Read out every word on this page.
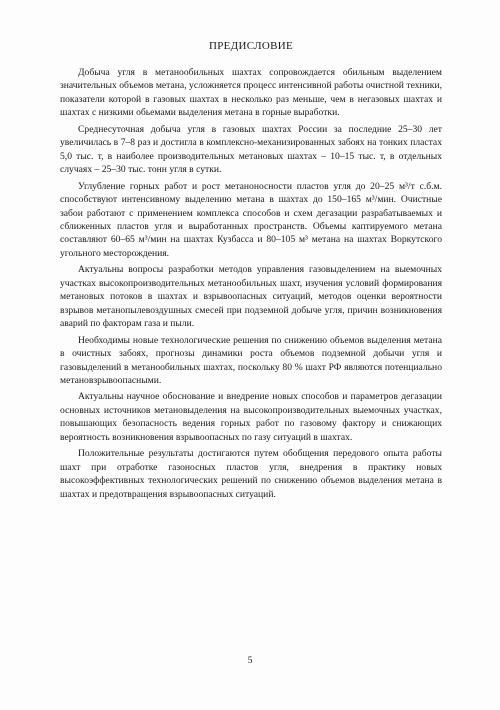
ПРЕДИСЛОВИЕ

Добыча угля в метанообильных шахтах сопровождается обильным выделением значительных объемов метана, усложняется процесс интенсивной работы очистной техники, показатели которой в газовых шахтах в несколько раз меньше, чем в негазовых шахтах и шахтах с низкими обьемами выделения метана в горные выработки.

Среднесуточная добыча угля в газовых шахтах России за последние 25–30 лет увеличилась в 7–8 раз и достигла в комплексно-механизированных забоях на тонких пластах 5,0 тыс. т, в наиболее производительных метановых шахтах – 10–15 тыс. т, в отдельных случаях – 25–30 тыс. тонн угля в сутки.

Углубление горных работ и рост метаноносности пластов угля до 20–25 м³/т с.б.м. способствуют интенсивному выделению метана в шахтах до 150–165 м³/мин. Очистные забои работают с применением комплекса способов и схем дегазации разрабатываемых и сближенных пластов угля и выработанных пространств. Объемы каптируемого метана составляют 60–65 м³/мин на шахтах Кузбасса и 80–105 м³ метана на шахтах Воркутского угольного месторождения.

Актуальны вопросы разработки методов управления газовыделением на выемочных участках высокопроизводительных метанообильных шахт, изучения условий формирования метановых потоков в шахтах и взрывоопасных ситуаций, методов оценки вероятности взрывов метанопылевоздушных смесей при подземной добыче угля, причин возникновения аварий по факторам газа и пыли.

Необходимы новые технологические решения по снижению объемов выделения метана в очистных забоях, прогнозы динамики роста объемов подземной добычи угля и газовыделений в метанообильных шахтах, поскольку 80 % шахт РФ являются потенциально метановзрывоопасными.

Актуальны научное обоснование и внедрение новых способов и параметров дегазации основных источников метановыделения на высокопроизводительных выемочных участках, повышающих безопасность ведения горных работ по газовому фактору и снижающих вероятность возникновения взрывоопасных по газу ситуаций в шахтах.

Положительные результаты достигаются путем обобщения передового опыта работы шахт при отработке газоносных пластов угля, внедрения в практику новых высокоэффективных технологических решений по снижению объемов выделения метана в шахтах и предотвращения взрывоопасных ситуаций.

5
